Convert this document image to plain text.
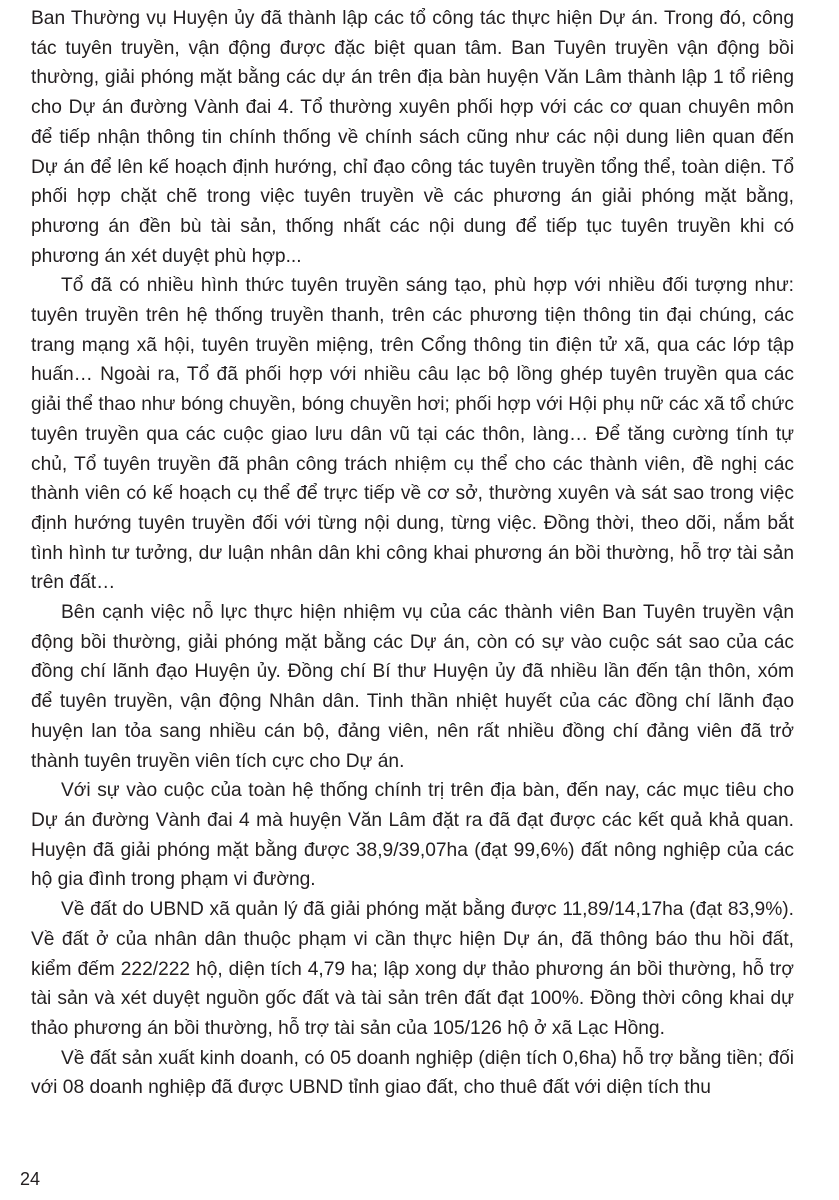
Ban Thường vụ Huyện ủy đã thành lập các tổ công tác thực hiện Dự án. Trong đó, công tác tuyên truyền, vận động được đặc biệt quan tâm. Ban Tuyên truyền vận động bồi thường, giải phóng mặt bằng các dự án trên địa bàn huyện Văn Lâm thành lập 1 tổ riêng cho Dự án đường Vành đai 4. Tổ thường xuyên phối hợp với các cơ quan chuyên môn để tiếp nhận thông tin chính thống về chính sách cũng như các nội dung liên quan đến Dự án để lên kế hoạch định hướng, chỉ đạo công tác tuyên truyền tổng thể, toàn diện. Tổ phối hợp chặt chẽ trong việc tuyên truyền về các phương án giải phóng mặt bằng, phương án đền bù tài sản, thống nhất các nội dung để tiếp tục tuyên truyền khi có phương án xét duyệt phù hợp...

Tổ đã có nhiều hình thức tuyên truyền sáng tạo, phù hợp với nhiều đối tượng như: tuyên truyền trên hệ thống truyền thanh, trên các phương tiện thông tin đại chúng, các trang mạng xã hội, tuyên truyền miệng, trên Cổng thông tin điện tử xã, qua các lớp tập huấn… Ngoài ra, Tổ đã phối hợp với nhiều câu lạc bộ lồng ghép tuyên truyền qua các giải thể thao như bóng chuyền, bóng chuyền hơi; phối hợp với Hội phụ nữ các xã tổ chức tuyên truyền qua các cuộc giao lưu dân vũ tại các thôn, làng… Để tăng cường tính tự chủ, Tổ tuyên truyền đã phân công trách nhiệm cụ thể cho các thành viên, đề nghị các thành viên có kế hoạch cụ thể để trực tiếp về cơ sở, thường xuyên và sát sao trong việc định hướng tuyên truyền đối với từng nội dung, từng việc. Đồng thời, theo dõi, nắm bắt tình hình tư tưởng, dư luận nhân dân khi công khai phương án bồi thường, hỗ trợ tài sản trên đất…

Bên cạnh việc nỗ lực thực hiện nhiệm vụ của các thành viên Ban Tuyên truyền vận động bồi thường, giải phóng mặt bằng các Dự án, còn có sự vào cuộc sát sao của các đồng chí lãnh đạo Huyện ủy. Đồng chí Bí thư Huyện ủy đã nhiều lần đến tận thôn, xóm để tuyên truyền, vận động Nhân dân. Tinh thần nhiệt huyết của các đồng chí lãnh đạo huyện lan tỏa sang nhiều cán bộ, đảng viên, nên rất nhiều đồng chí đảng viên đã trở thành tuyên truyền viên tích cực cho Dự án.

Với sự vào cuộc của toàn hệ thống chính trị trên địa bàn, đến nay, các mục tiêu cho Dự án đường Vành đai 4 mà huyện Văn Lâm đặt ra đã đạt được các kết quả khả quan. Huyện đã giải phóng mặt bằng được 38,9/39,07ha (đạt 99,6%) đất nông nghiệp của các hộ gia đình trong phạm vi đường.

Về đất do UBND xã quản lý đã giải phóng mặt bằng được 11,89/14,17ha (đạt 83,9%). Về đất ở của nhân dân thuộc phạm vi cần thực hiện Dự án, đã thông báo thu hồi đất, kiểm đếm 222/222 hộ, diện tích 4,79 ha; lập xong dự thảo phương án bồi thường, hỗ trợ tài sản và xét duyệt nguồn gốc đất và tài sản trên đất đạt 100%. Đồng thời công khai dự thảo phương án bồi thường, hỗ trợ tài sản của 105/126 hộ ở xã Lạc Hồng.

Về đất sản xuất kinh doanh, có 05 doanh nghiệp (diện tích 0,6ha) hỗ trợ bằng tiền; đối với 08 doanh nghiệp đã được UBND tỉnh giao đất, cho thuê đất với diện tích thu

24
